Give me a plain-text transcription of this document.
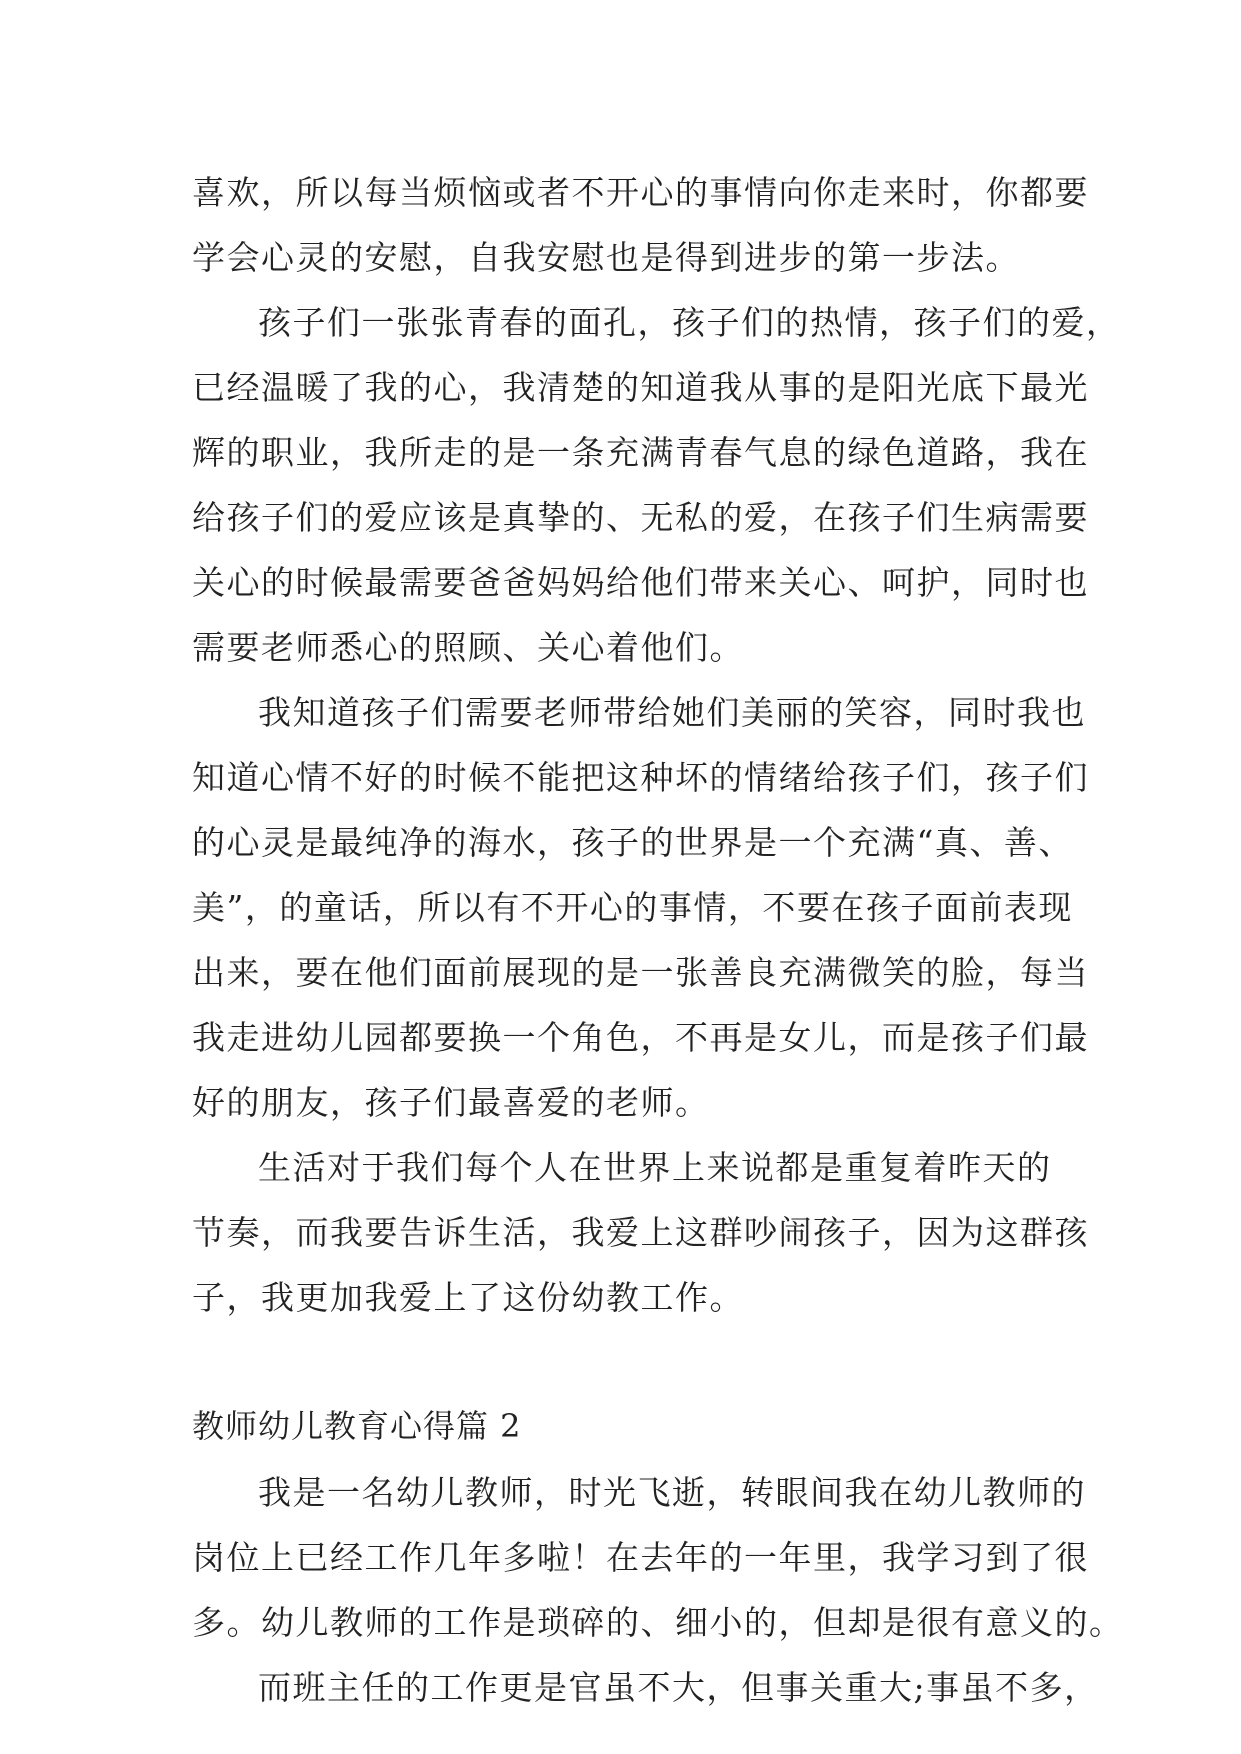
喜欢，所以每当烦恼或者不开心的事情向你走来时，你都要
学会心灵的安慰，自我安慰也是得到进步的第一步法。
孩子们一张张青春的面孔，孩子们的热情，孩子们的爱，
已经温暖了我的心，我清楚的知道我从事的是阳光底下最光
辉的职业，我所走的是一条充满青春气息的绿色道路，我在
给孩子们的爱应该是真挚的、无私的爱，在孩子们生病需要
关心的时候最需要爸爸妈妈给他们带来关心、呵护，同时也
需要老师悉心的照顾、关心着他们。
我知道孩子们需要老师带给她们美丽的笑容，同时我也
知道心情不好的时候不能把这种坏的情绪给孩子们，孩子们
的心灵是最纯净的海水，孩子的世界是一个充满“真、善、
美”，的童话，所以有不开心的事情，不要在孩子面前表现
出来，要在他们面前展现的是一张善良充满微笑的脸，每当
我走进幼儿园都要换一个角色，不再是女儿，而是孩子们最
好的朋友，孩子们最喜爱的老师。
生活对于我们每个人在世界上来说都是重复着昨天的
节奏，而我要告诉生活，我爱上这群吵闹孩子，因为这群孩
子，我更加我爱上了这份幼教工作。
教师幼儿教育心得篇 2
我是一名幼儿教师，时光飞逝，转眼间我在幼儿教师的
岗位上已经工作几年多啦！在去年的一年里，我学习到了很
多。幼儿教师的工作是琐碎的、细小的，但却是很有意义的。
而班主任的工作更是官虽不大，但事关重大;事虽不多，
